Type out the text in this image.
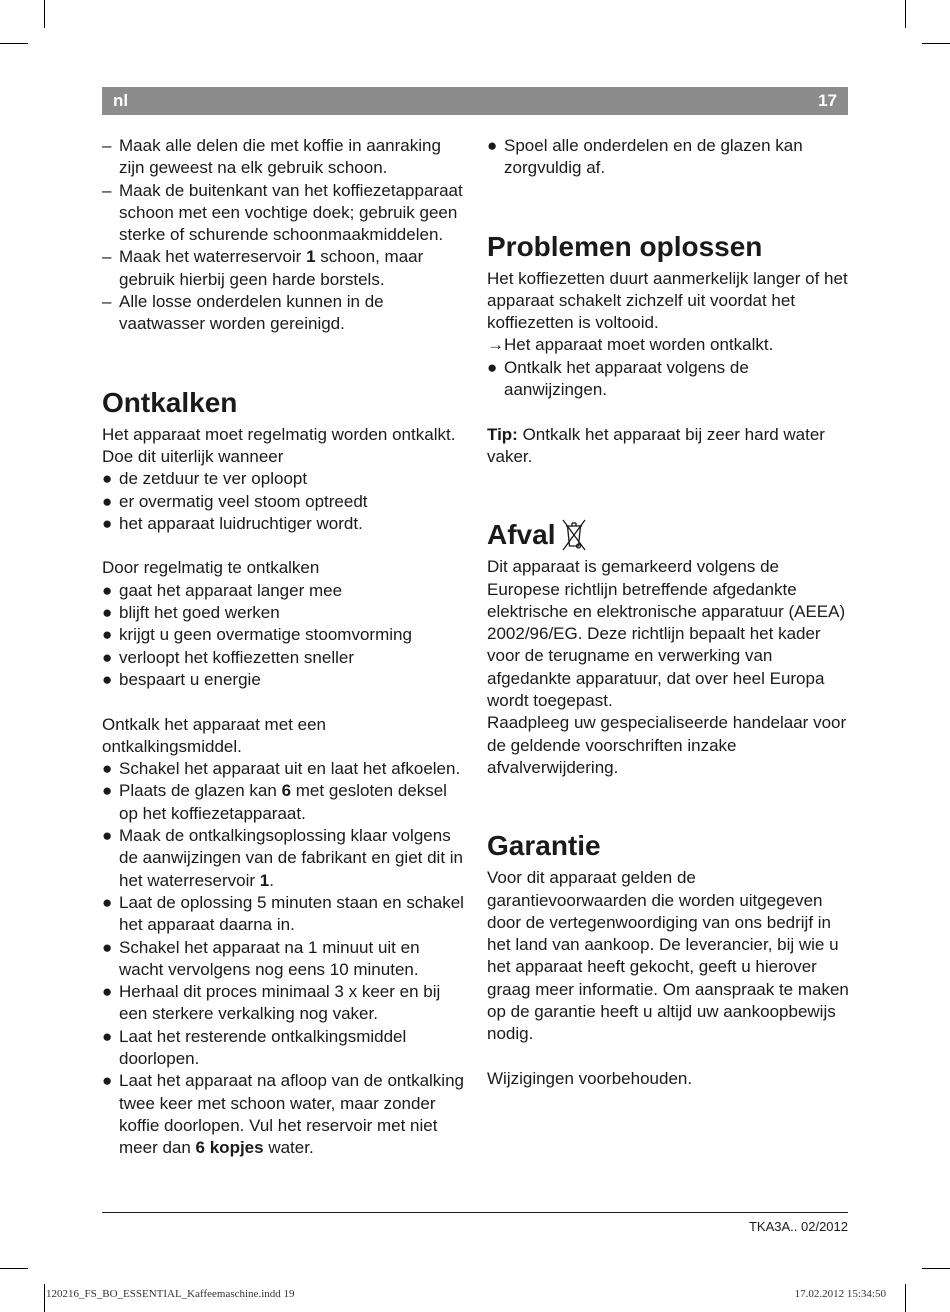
nl	17
– Maak alle delen die met koffie in aanraking zijn geweest na elk gebruik schoon.
– Maak de buitenkant van het koffiezetapparaat schoon met een vochtige doek; gebruik geen sterke of schurende schoonmaakmiddelen.
– Maak het waterreservoir 1 schoon, maar gebruik hierbij geen harde borstels.
– Alle losse onderdelen kunnen in de vaatwasser worden gereinigd.
Ontkalken

Het apparaat moet regelmatig worden ontkalkt. Doe dit uiterlijk wanneer

● de zetduur te ver oploopt
● er overmatig veel stoom optreedt
● het apparaat luidruchtiger wordt.

Door regelmatig te ontkalken

● gaat het apparaat langer mee
● blijft het goed werken
● krijgt u geen overmatige stoomvorming
● verloopt het koffiezetten sneller
● bespaart u energie

Ontkalk het apparaat met een ontkalkingsmiddel.

● Schakel het apparaat uit en laat het afkoelen.
● Plaats de glazen kan 6 met gesloten deksel op het koffiezetapparaat.
● Maak de ontkalkingsoplossing klaar volgens de aanwijzingen van de fabrikant en giet dit in het waterreservoir 1.
● Laat de oplossing 5 minuten staan en schakel het apparaat daarna in.
● Schakel het apparaat na 1 minuut uit en wacht vervolgens nog eens 10 minuten.
● Herhaal dit proces minimaal 3 x keer en bij een sterkere verkalking nog vaker.
● Laat het resterende ontkalkingsmiddel doorlopen.
● Laat het apparaat na afloop van de ontkalking twee keer met schoon water, maar zonder koffie doorlopen. Vul het reservoir met niet meer dan 6 kopjes water.
● Spoel alle onderdelen en de glazen kan zorgvuldig af.
Problemen oplossen

Het koffiezetten duurt aanmerkelijk langer of het apparaat schakelt zichzelf uit voordat het koffiezetten is voltooid.

→ Het apparaat moet worden ontkalkt.
● Ontkalk het apparaat volgens de aanwijzingen.

Tip: Ontkalk het apparaat bij zeer hard water vaker.

Afval

Dit apparaat is gemarkeerd volgens de Europese richtlijn betreffende afgedankte elektrische en elektronische apparatuur (AEEA) 2002/96/EG. Deze richtlijn bepaalt het kader voor de terugname en verwerking van afgedankte apparatuur, dat over heel Europa wordt toegepast.

Raadpleeg uw gespecialiseerde handelaar voor de geldende voorschriften inzake afvalverwijdering.

Garantie

Voor dit apparaat gelden de garantievoorwaarden die worden uitgegeven door de vertegenwoordiging van ons bedrijf in het land van aankoop. De leverancier, bij wie u het apparaat heeft gekocht, geeft u hierover graag meer informatie. Om aanspraak te maken op de garantie heeft u altijd uw aankoopbewijs nodig.

Wijzigingen voorbehouden.

TKA3A.. 02/2012
120216_FS_BO_ESSENTIAL_Kaffeemaschine.indd 19	17.02.2012 15:34:50
